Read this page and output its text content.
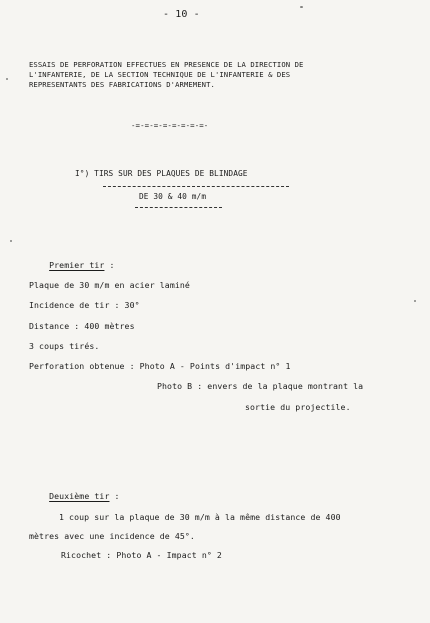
- 10 -
ESSAIS DE PERFORATION EFFECTUES EN PRESENCE DE LA DIRECTION DE
L'INFANTERIE, DE LA SECTION TECHNIQUE DE L'INFANTERIE & DES
REPRESENTANTS DES FABRICATIONS D'ARMEMENT.
-=-=-=-=-=-=-=-=-
I°) TIRS SUR DES PLAQUES DE BLINDAGE
DE 30 & 40 m/m

Premier tir :

Plaque de 30 m/m en acier laminé
Incidence de tir : 30°
Distance : 400 mètres
3 coups tirés.
Perforation obtenue : Photo A - Points d'impact n° 1
Photo B : envers de la plaque montrant la
sortie du projectile.

Deuxième tir :

1 coup sur la plaque de 30 m/m à la même distance de 400
mètres avec une incidence de 45°.
Ricochet : Photo A - Impact n° 2
